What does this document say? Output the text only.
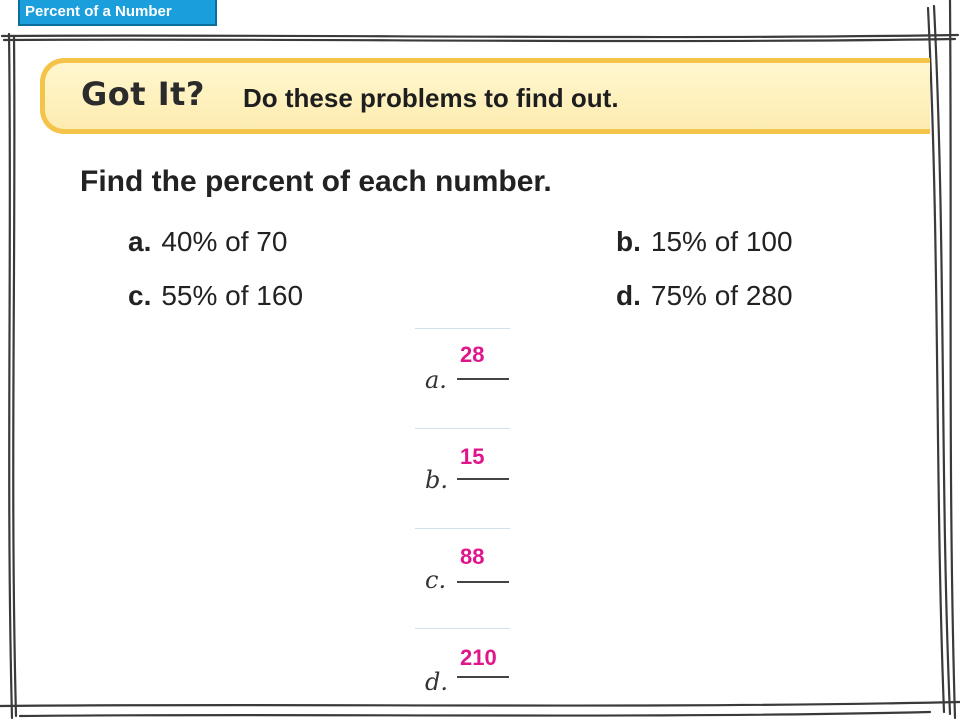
Percent of a Number
Got It? Do these problems to find out.
Find the percent of each number.
a. 40% of 70	b. 15% of 100
c. 55% of 160	d. 75% of 280
a.
28
b.
15
c.
88
d.
210
